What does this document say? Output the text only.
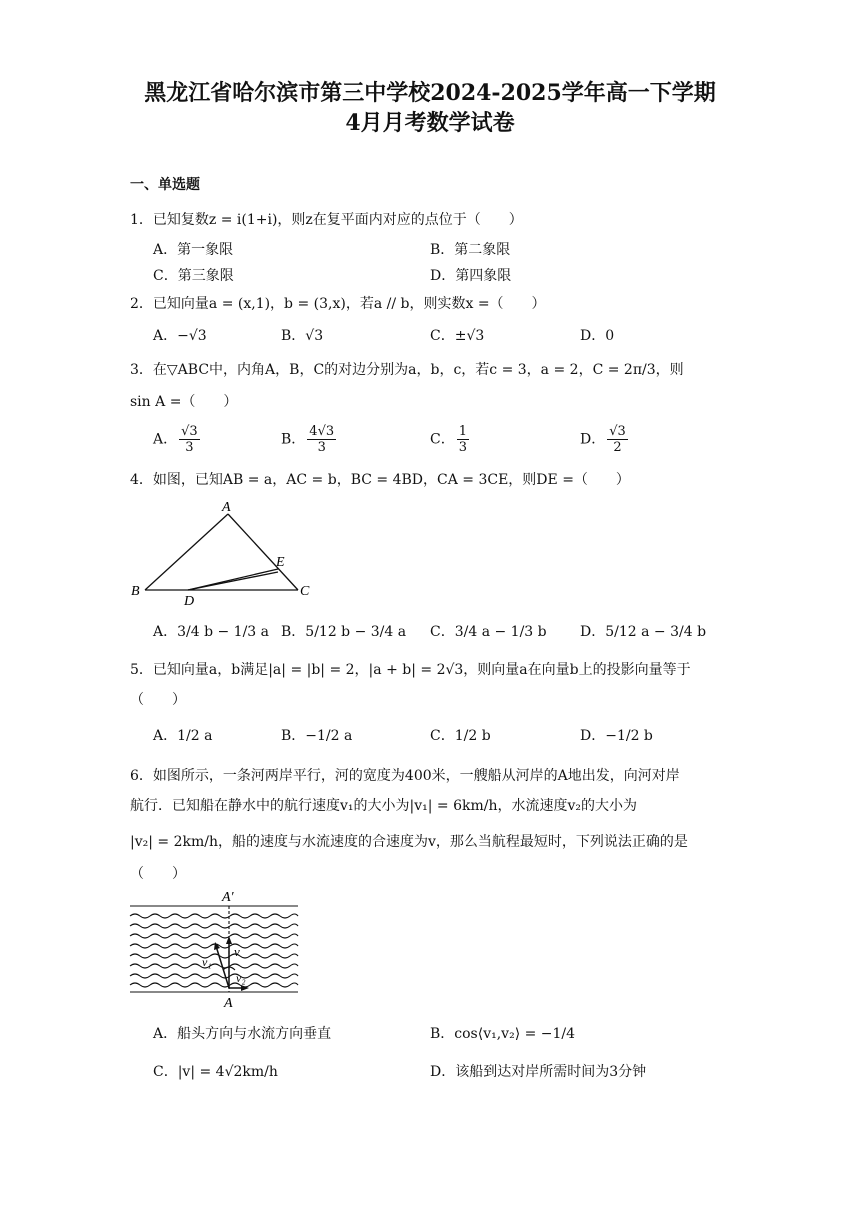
黑龙江省哈尔滨市第三中学校2024-2025学年高一下学期
4月月考数学试卷
一、单选题
1．已知复数z = i(1+i)，则z在复平面内对应的点位于（　　）
A．第一象限	B．第二象限
C．第三象限	D．第四象限
2．已知向量a = (x,1)，b = (3,x)，若a // b，则实数x =（　　）
A．−√3	B．√3	C．±√3	D．0
3．在▽ABC中，内角A，B，C的对边分别为a，b，c，若c = 3，a = 2，C = 2π/3，则
sin A =（　　）
A． $\frac{√3}{3}$	B． $\frac{4√3}{3}$	C． $\frac{1}{3}$	D． $\frac{√3}{2}$
4．如图，已知AB = a，AC = b，BC = 4BD，CA = 3CE，则DE =（　　）
A
B	C
D
E
A．3/4 b − 1/3 a B．5/12 b − 3/4 a C．3/4 a − 1/3 b D．5/12 a − 3/4 b
5．已知向量a，b满足|a| = |b| = 2，|a + b| = 2√3，则向量a在向量b上的投影向量等于
（　　）
A．1/2 a	B．−1/2 a	C．1/2 b	D．−1/2 b
6．如图所示，一条河两岸平行，河的宽度为400米，一艘船从河岸的A地出发，向河对岸
航行．已知船在静水中的航行速度v₁的大小为|v₁| = 6km/h，水流速度v₂的大小为
|v₂| = 2km/h，船的速度与水流速度的合速度为v，那么当航程最短时，下列说法正确的是
（　　）
A′
A
v
v₁
v₂
A．船头方向与水流方向垂直	B．cos⟨v₁,v₂⟩ = −1/4
C．|v| = 4√2km/h	D．该船到达对岸所需时间为3分钟
